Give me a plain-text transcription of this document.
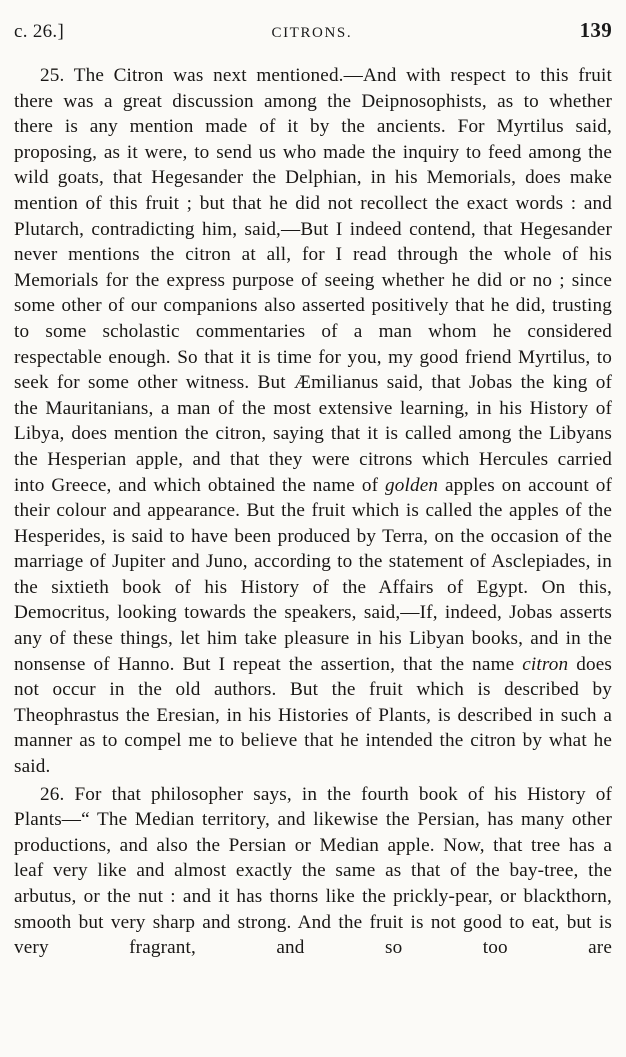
c. 26.]	CITRONS.	139

25. The Citron was next mentioned.—And with respect to this fruit there was a great discussion among the Deipnosophists, as to whether there is any mention made of it by the ancients. For Myrtilus said, proposing, as it were, to send us who made the inquiry to feed among the wild goats, that Hegesander the Delphian, in his Memorials, does make mention of this fruit ; but that he did not recollect the exact words : and Plutarch, contradicting him, said,—But I indeed contend, that Hegesander never mentions the citron at all, for I read through the whole of his Memorials for the express purpose of seeing whether he did or no ; since some other of our companions also asserted positively that he did, trusting to some scholastic commentaries of a man whom he considered respectable enough. So that it is time for you, my good friend Myrtilus, to seek for some other witness. But Æmilianus said, that Jobas the king of the Mauritanians, a man of the most extensive learning, in his History of Libya, does mention the citron, saying that it is called among the Libyans the Hesperian apple, and that they were citrons which Hercules carried into Greece, and which obtained the name of golden apples on account of their colour and appearance. But the fruit which is called the apples of the Hesperides, is said to have been produced by Terra, on the occasion of the marriage of Jupiter and Juno, according to the statement of Asclepiades, in the sixtieth book of his History of the Affairs of Egypt. On this, Democritus, looking towards the speakers, said,—If, indeed, Jobas asserts any of these things, let him take pleasure in his Libyan books, and in the nonsense of Hanno. But I repeat the assertion, that the name citron does not occur in the old authors. But the fruit which is described by Theophrastus the Eresian, in his Histories of Plants, is described in such a manner as to compel me to believe that he intended the citron by what he said.

26. For that philosopher says, in the fourth book of his History of Plants—“ The Median territory, and likewise the Persian, has many other productions, and also the Persian or Median apple. Now, that tree has a leaf very like and almost exactly the same as that of the bay-tree, the arbutus, or the nut : and it has thorns like the prickly-pear, or blackthorn, smooth but very sharp and strong. And the fruit is not good to eat, but is very fragrant, and so too are
